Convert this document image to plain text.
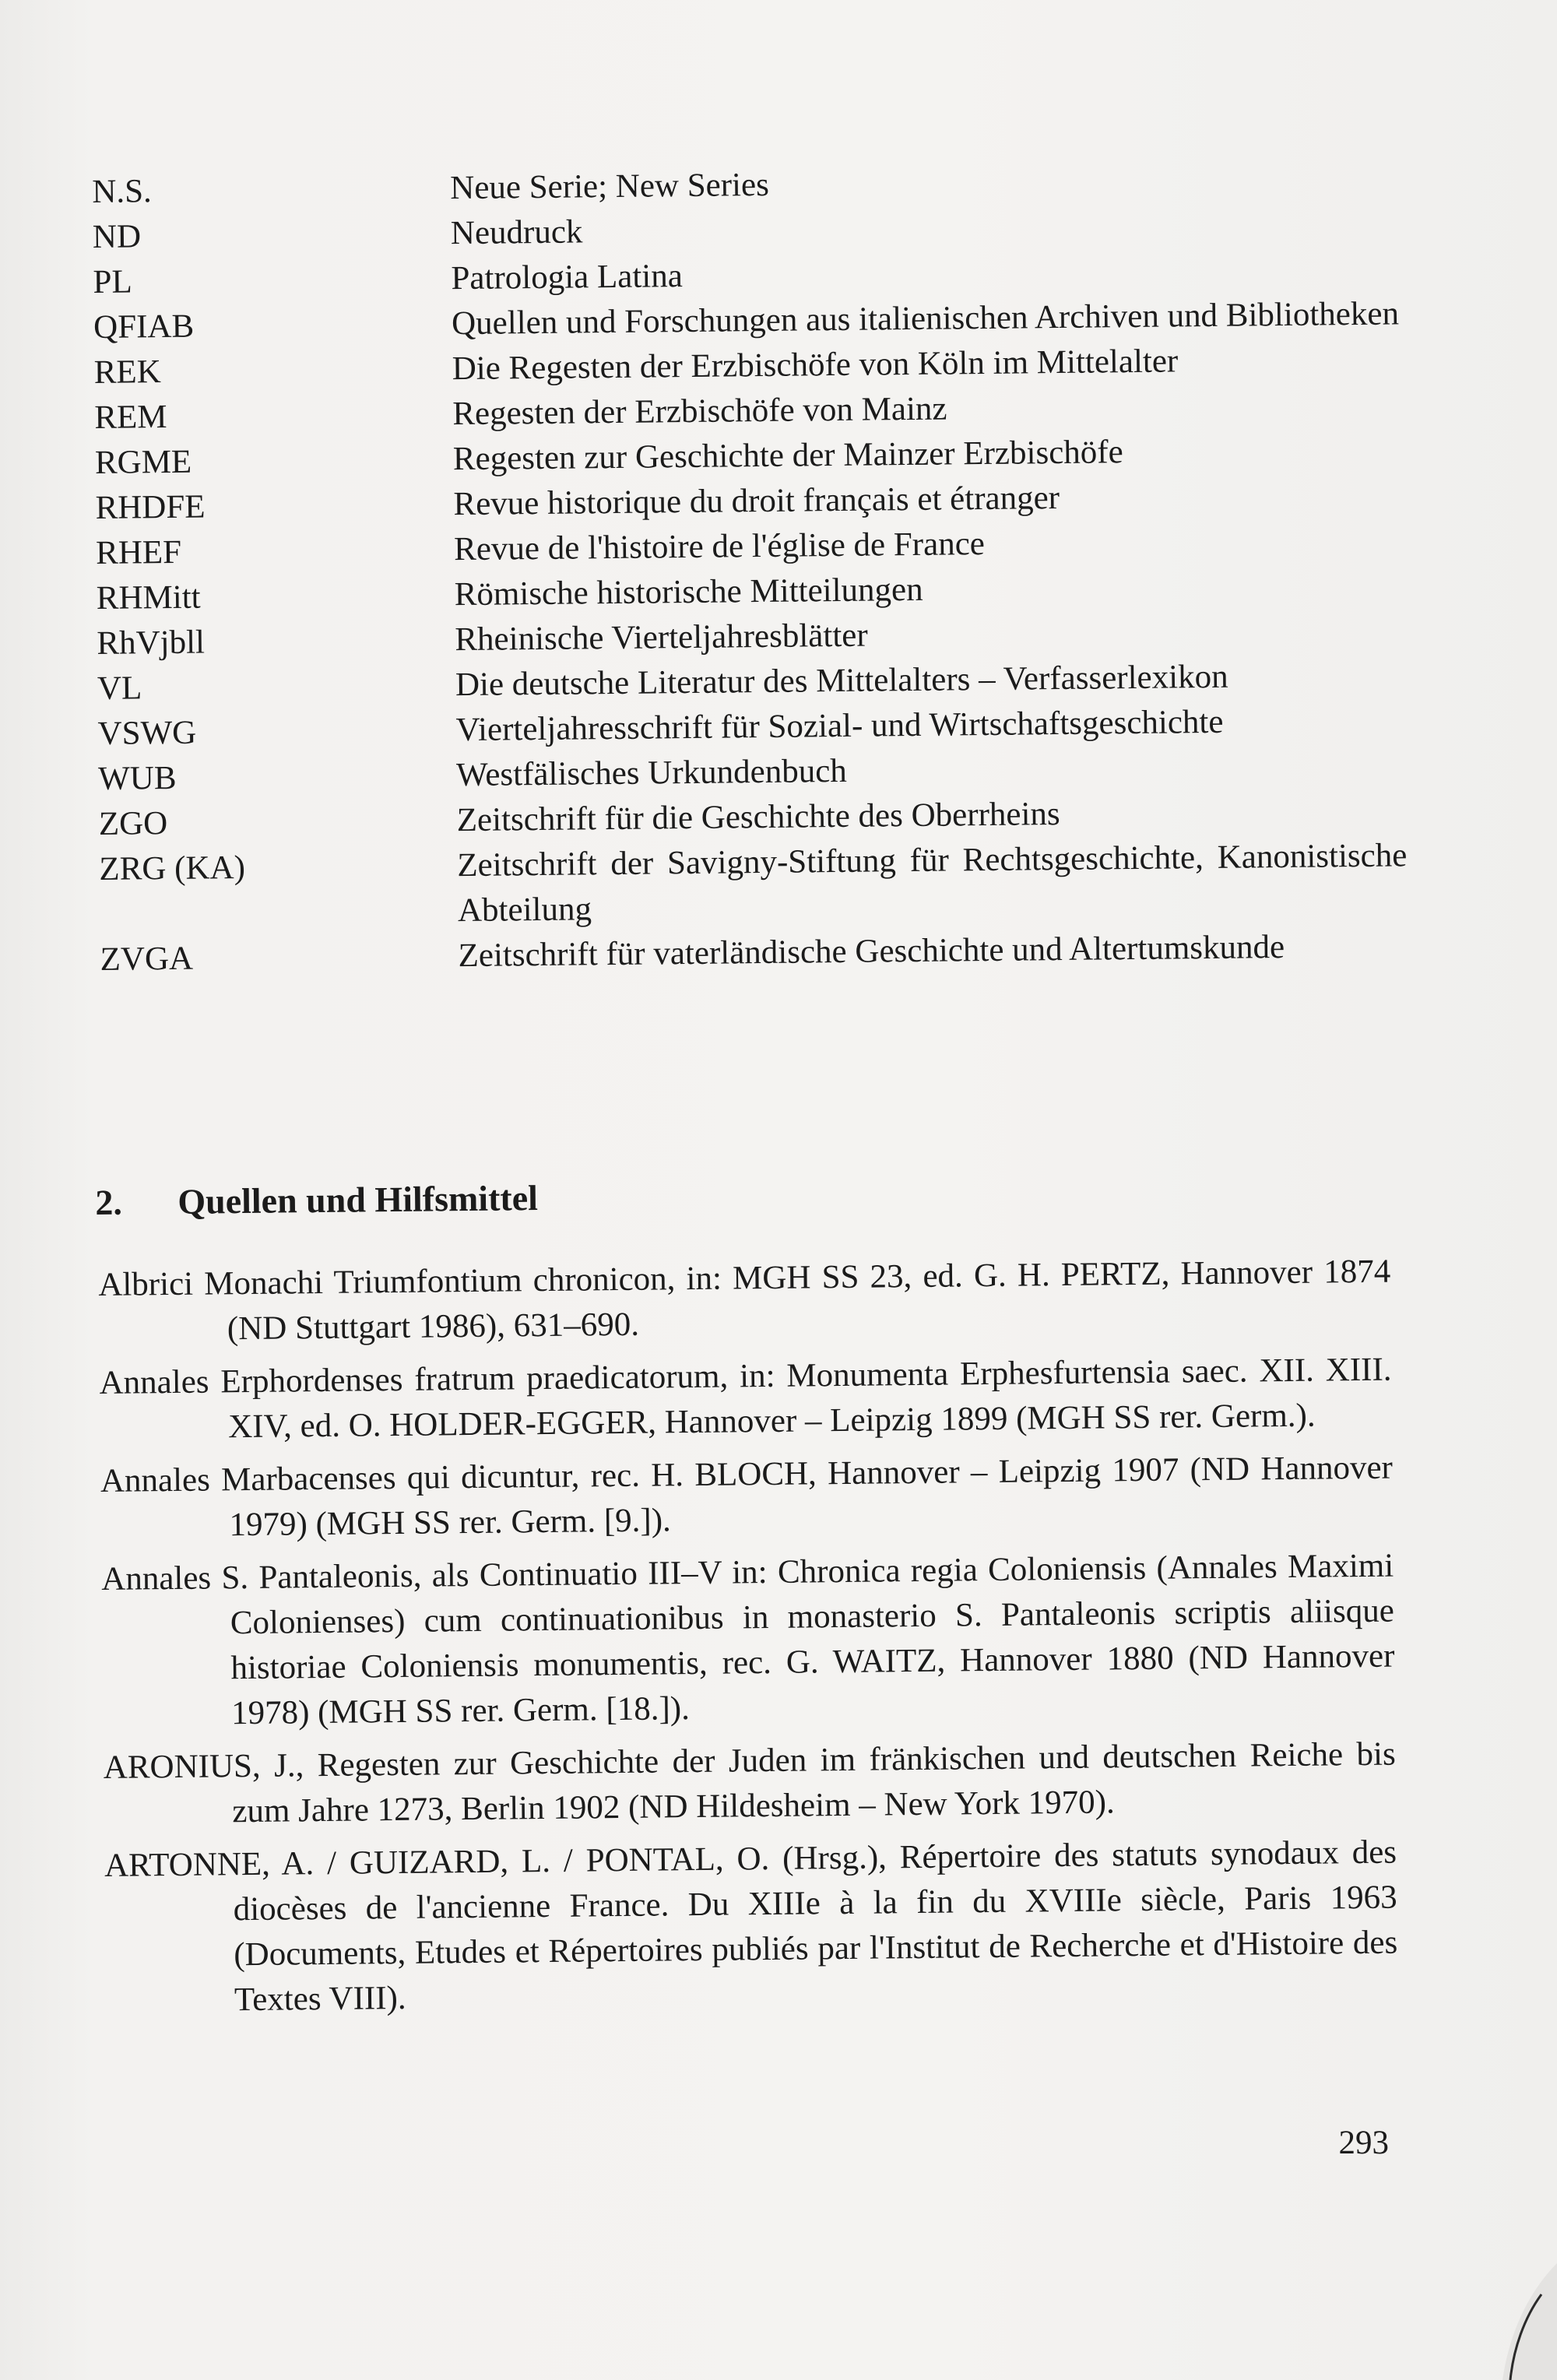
N.S.	Neue Serie; New Series
ND	Neudruck
PL	Patrologia Latina
QFIAB	Quellen und Forschungen aus italienischen Archiven und Bibliotheken
REK	Die Regesten der Erzbischöfe von Köln im Mittelalter
REM	Regesten der Erzbischöfe von Mainz
RGME	Regesten zur Geschichte der Mainzer Erzbischöfe
RHDFE	Revue historique du droit français et étranger
RHEF	Revue de l'histoire de l'église de France
RHMitt	Römische historische Mitteilungen
RhVjbll	Rheinische Vierteljahresblätter
VL	Die deutsche Literatur des Mittelalters – Verfasserlexikon
VSWG	Vierteljahresschrift für Sozial- und Wirtschaftsgeschichte
WUB	Westfälisches Urkundenbuch
ZGO	Zeitschrift für die Geschichte des Oberrheins
ZRG (KA)	Zeitschrift der Savigny-Stiftung für Rechtsgeschichte, Kanonistische Abteilung
ZVGA	Zeitschrift für vaterländische Geschichte und Altertumskunde
2. Quellen und Hilfsmittel
Albrici Monachi Triumfontium chronicon, in: MGH SS 23, ed. G. H. PERTZ, Hannover 1874 (ND Stuttgart 1986), 631–690.
Annales Erphordenses fratrum praedicatorum, in: Monumenta Erphesfurtensia saec. XII. XIII. XIV, ed. O. HOLDER-EGGER, Hannover – Leipzig 1899 (MGH SS rer. Germ.).
Annales Marbacenses qui dicuntur, rec. H. BLOCH, Hannover – Leipzig 1907 (ND Hannover 1979) (MGH SS rer. Germ. [9.]).
Annales S. Pantaleonis, als Continuatio III–V in: Chronica regia Coloniensis (Annales Maximi Colonienses) cum continuationibus in monasterio S. Pantaleonis scriptis aliisque historiae Coloniensis monumentis, rec. G. WAITZ, Hannover 1880 (ND Hannover 1978) (MGH SS rer. Germ. [18.]).
ARONIUS, J., Regesten zur Geschichte der Juden im fränkischen und deutschen Reiche bis zum Jahre 1273, Berlin 1902 (ND Hildesheim – New York 1970).
ARTONNE, A. / GUIZARD, L. / PONTAL, O. (Hrsg.), Répertoire des statuts synodaux des diocèses de l'ancienne France. Du XIIIe à la fin du XVIIIe siècle, Paris 1963 (Documents, Etudes et Répertoires publiés par l'Institut de Recherche et d'Histoire des Textes VIII).
293
